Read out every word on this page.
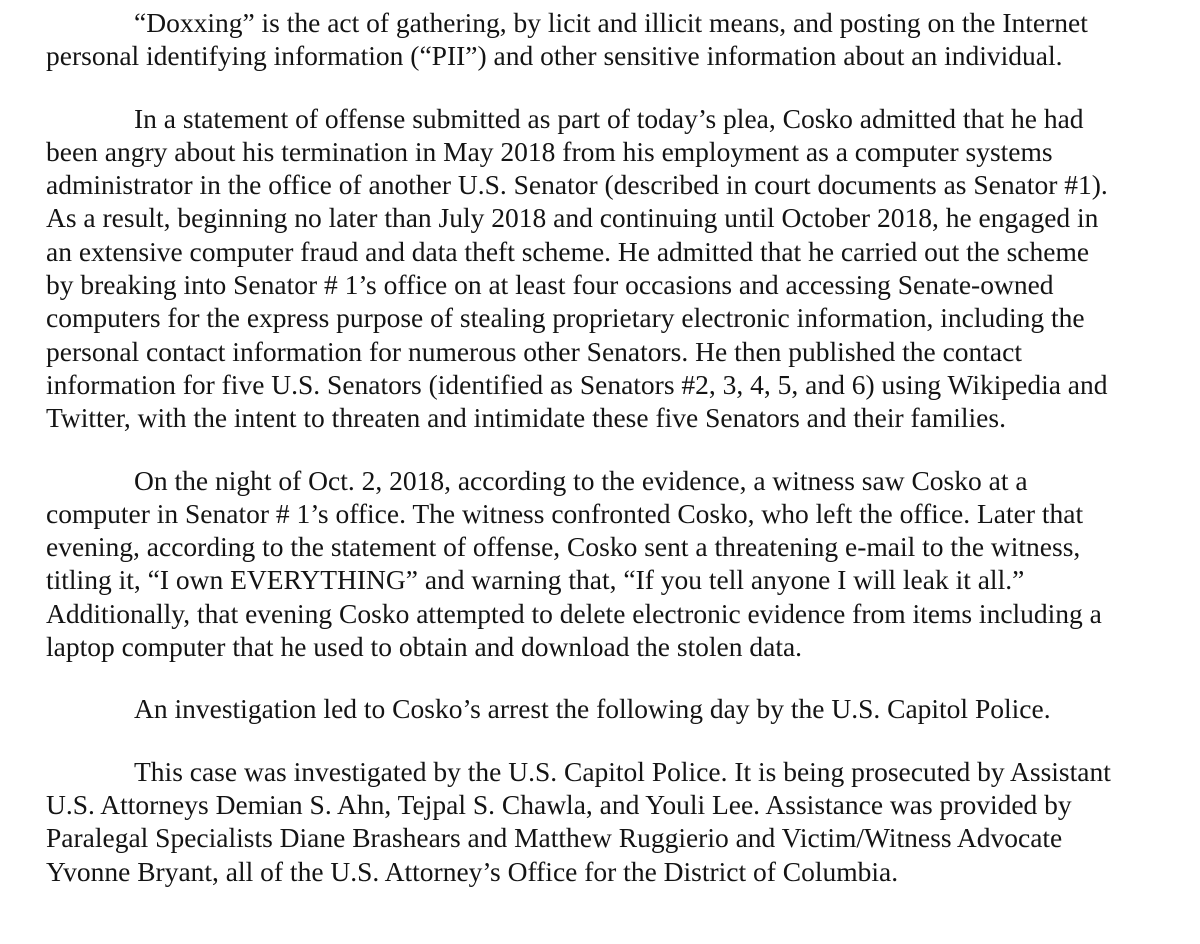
“Doxxing” is the act of gathering, by licit and illicit means, and posting on the Internet
personal identifying information (“PII”) and other sensitive information about an individual.
In a statement of offense submitted as part of today’s plea, Cosko admitted that he had
been angry about his termination in May 2018 from his employment as a computer systems
administrator in the office of another U.S. Senator (described in court documents as Senator #1).
As a result, beginning no later than July 2018 and continuing until October 2018, he engaged in
an extensive computer fraud and data theft scheme. He admitted that he carried out the scheme
by breaking into Senator # 1’s office on at least four occasions and accessing Senate-owned
computers for the express purpose of stealing proprietary electronic information, including the
personal contact information for numerous other Senators. He then published the contact
information for five U.S. Senators (identified as Senators #2, 3, 4, 5, and 6) using Wikipedia and
Twitter, with the intent to threaten and intimidate these five Senators and their families.
On the night of Oct. 2, 2018, according to the evidence, a witness saw Cosko at a
computer in Senator # 1’s office. The witness confronted Cosko, who left the office. Later that
evening, according to the statement of offense, Cosko sent a threatening e-mail to the witness,
titling it, “I own EVERYTHING” and warning that, “If you tell anyone I will leak it all.”
Additionally, that evening Cosko attempted to delete electronic evidence from items including a
laptop computer that he used to obtain and download the stolen data.
An investigation led to Cosko’s arrest the following day by the U.S. Capitol Police.
This case was investigated by the U.S. Capitol Police. It is being prosecuted by Assistant
U.S. Attorneys Demian S. Ahn, Tejpal S. Chawla, and Youli Lee. Assistance was provided by
Paralegal Specialists Diane Brashears and Matthew Ruggierio and Victim/Witness Advocate
Yvonne Bryant, all of the U.S. Attorney’s Office for the District of Columbia.
